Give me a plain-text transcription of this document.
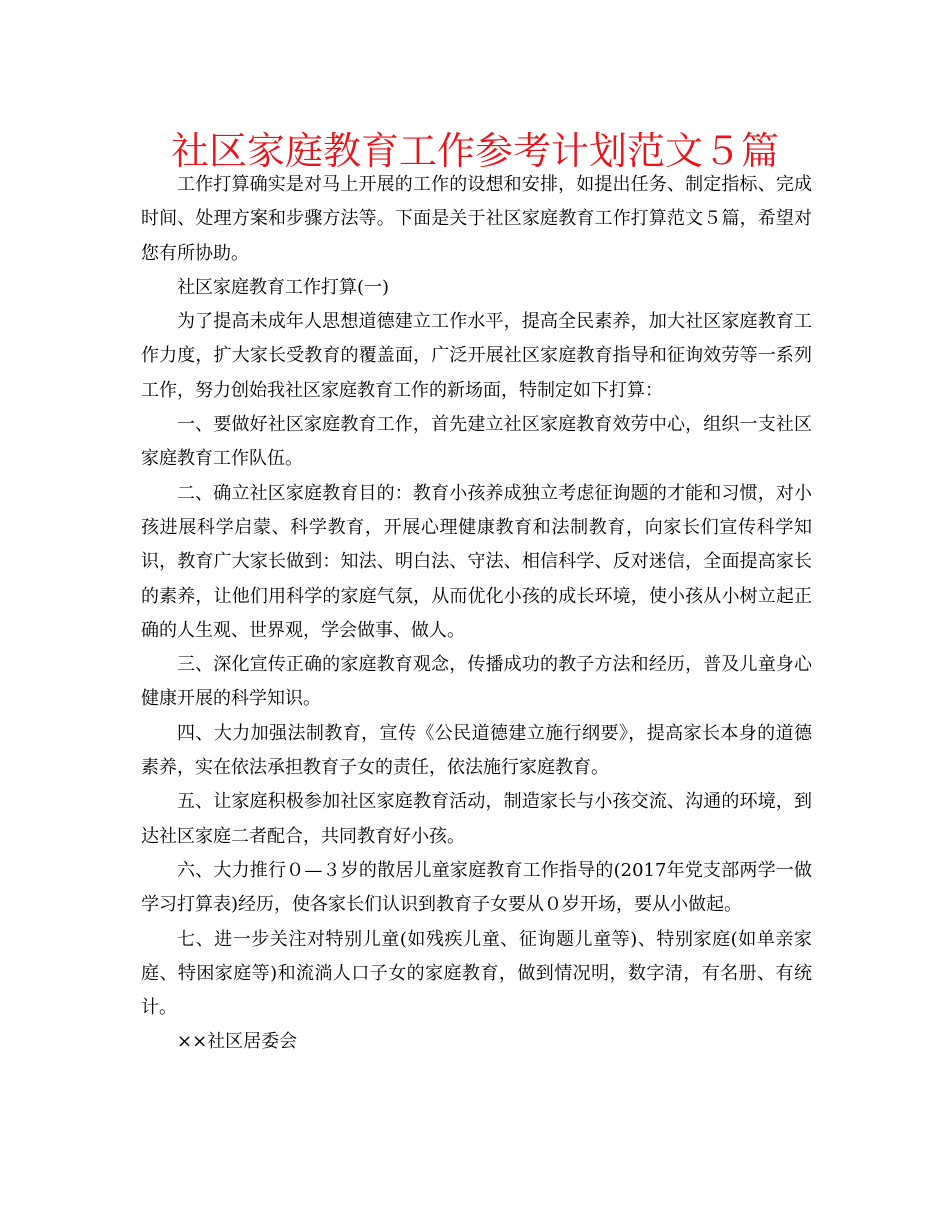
社区家庭教育工作参考计划范文５篇

工作打算确实是对马上开展的工作的设想和安排，如提出任务、制定指标、完成时间、处理方案和步骤方法等。下面是关于社区家庭教育工作打算范文５篇，希望对您有所协助。

社区家庭教育工作打算(一)

为了提高未成年人思想道德建立工作水平，提高全民素养，加大社区家庭教育工作力度，扩大家长受教育的覆盖面，广泛开展社区家庭教育指导和征询效劳等一系列工作，努力创始我社区家庭教育工作的新场面，特制定如下打算：

一、要做好社区家庭教育工作，首先建立社区家庭教育效劳中心，组织一支社区家庭教育工作队伍。

二、确立社区家庭教育目的：教育小孩养成独立考虑征询题的才能和习惯，对小孩进展科学启蒙、科学教育，开展心理健康教育和法制教育，向家长们宣传科学知识，教育广大家长做到：知法、明白法、守法、相信科学、反对迷信，全面提高家长的素养，让他们用科学的家庭气氛，从而优化小孩的成长环境，使小孩从小树立起正确的人生观、世界观，学会做事、做人。

三、深化宣传正确的家庭教育观念，传播成功的教子方法和经历，普及儿童身心健康开展的科学知识。

四、大力加强法制教育，宣传《公民道德建立施行纲要》，提高家长本身的道德素养，实在依法承担教育子女的责任，依法施行家庭教育。

五、让家庭积极参加社区家庭教育活动，制造家长与小孩交流、沟通的环境，到达社区家庭二者配合，共同教育好小孩。

六、大力推行０—３岁的散居儿童家庭教育工作指导的(2017年党支部两学一做学习打算表)经历，使各家长们认识到教育子女要从０岁开场，要从小做起。

七、进一步关注对特别儿童(如残疾儿童、征询题儿童等)、特别家庭(如单亲家庭、特困家庭等)和流淌人口子女的家庭教育，做到情况明，数字清，有名册、有统计。

××社区居委会
